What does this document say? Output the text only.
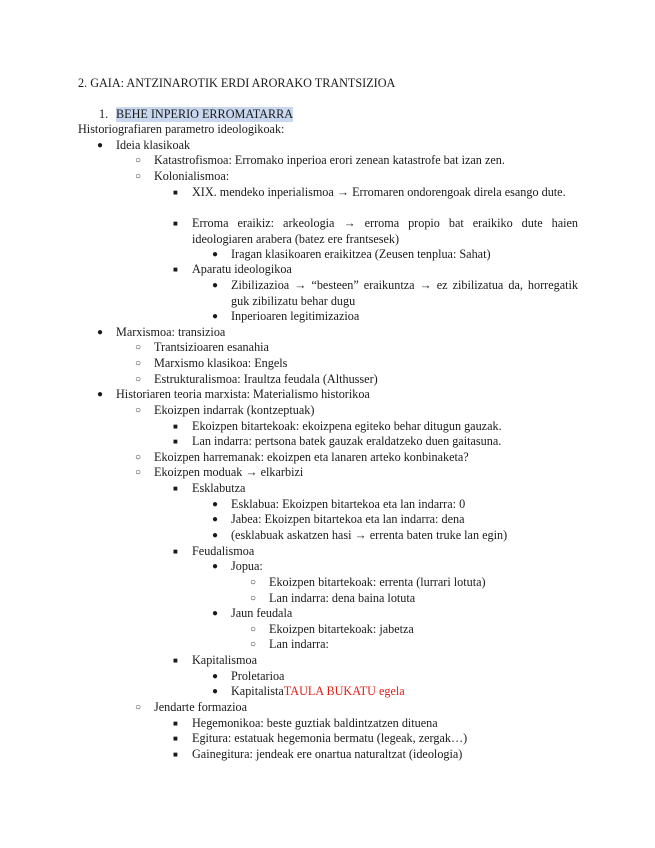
2. GAIA: ANTZINAROTIK ERDI ARORAKO TRANTSIZIOA
1. BEHE INPERIO ERROMATARRA
Historiografiaren parametro ideologikoak:
● Ideia klasikoak
○ Katastrofismoa: Erromako inperioa erori zenean katastrofe bat izan zen.
○ Kolonialismoa:
■ XIX. mendeko inperialismoa → Erromaren ondorengoak direla esango dute.
■ Erroma eraikiz: arkeologia → erroma propio bat eraikiko dute haien ideologiaren arabera (batez ere frantsesek)
● Iragan klasikoaren eraikitzea (Zeusen tenplua: Sahat)
■ Aparatu ideologikoa
● Zibilizazioa → “besteen” eraikuntza → ez zibilizatua da, horregatik guk zibilizatu behar dugu
● Inperioaren legitimizazioa
● Marxismoa: transizioa
○ Trantsizioaren esanahia
○ Marxismo klasikoa: Engels
○ Estrukturalismoa: Iraultza feudala (Althusser)
● Historiaren teoria marxista: Materialismo historikoa
○ Ekoizpen indarrak (kontzeptuak)
■ Ekoizpen bitartekoak: ekoizpena egiteko behar ditugun gauzak.
■ Lan indarra: pertsona batek gauzak eraldatzeko duen gaitasuna.
○ Ekoizpen harremanak: ekoizpen eta lanaren arteko konbinaketa?
○ Ekoizpen moduak → elkarbizi
■ Esklabutza
● Esklabua: Ekoizpen bitartekoa eta lan indarra: 0
● Jabea: Ekoizpen bitartekoa eta lan indarra: dena
● (esklabuak askatzen hasi → errenta baten truke lan egin)
■ Feudalismoa
● Jopua:
○ Ekoizpen bitartekoak: errenta (lurrari lotuta)
○ Lan indarra: dena baina lotuta
● Jaun feudala
○ Ekoizpen bitartekoak: jabetza
○ Lan indarra:
■ Kapitalismoa
● Proletarioa
● KapitalistaTAULA BUKATU egela
○ Jendarte formazioa
■ Hegemonikoa: beste guztiak baldintzatzen dituena
■ Egitura: estatuak hegemonia bermatu (legeak, zergak…)
■ Gainegitura: jendeak ere onartua naturaltzat (ideologia)
